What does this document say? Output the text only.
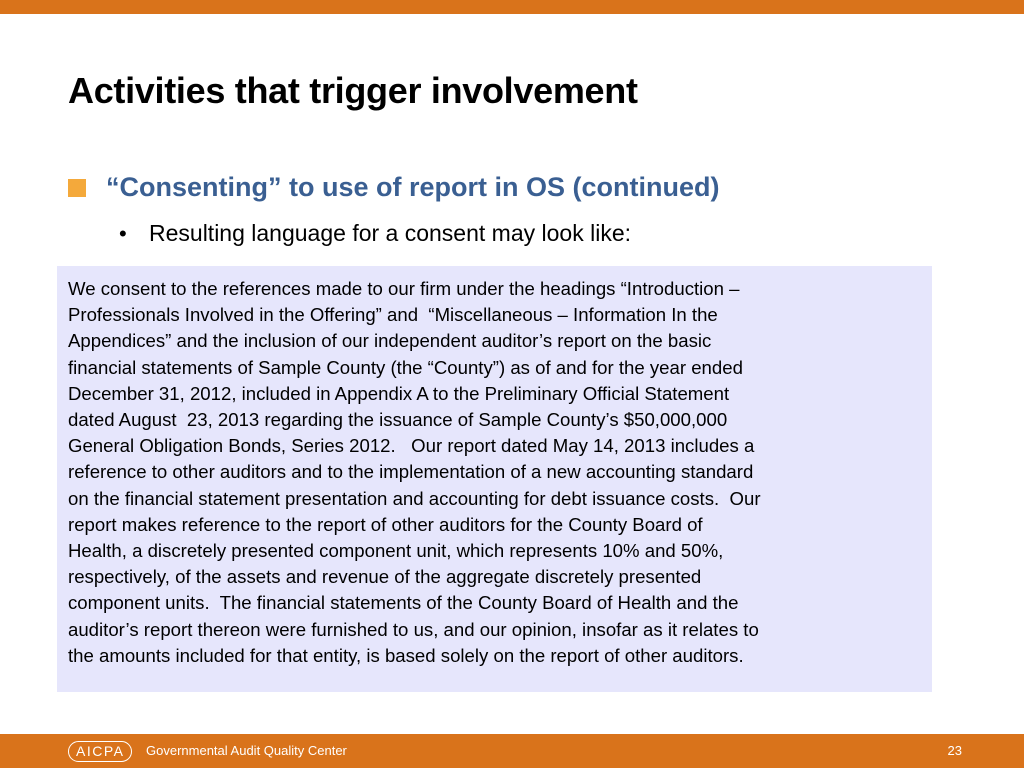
Activities that trigger involvement
“Consenting” to use of report in OS (continued)
• Resulting language for a consent may look like:

We consent to the references made to our firm under the headings “Introduction –
Professionals Involved in the Offering” and  “Miscellaneous – Information In the
Appendices” and the inclusion of our independent auditor’s report on the basic
financial statements of Sample County (the “County”) as of and for the year ended
December 31, 2012, included in Appendix A to the Preliminary Official Statement
dated August  23, 2013 regarding the issuance of Sample County’s $50,000,000
General Obligation Bonds, Series 2012.   Our report dated May 14, 2013 includes a
reference to other auditors and to the implementation of a new accounting standard
on the financial statement presentation and accounting for debt issuance costs.  Our
report makes reference to the report of other auditors for the County Board of
Health, a discretely presented component unit, which represents 10% and 50%,
respectively, of the assets and revenue of the aggregate discretely presented
component units.  The financial statements of the County Board of Health and the
auditor’s report thereon were furnished to us, and our opinion, insofar as it relates to
the amounts included for that entity, is based solely on the report of other auditors.

AICPA	Governmental Audit Quality Center	23
